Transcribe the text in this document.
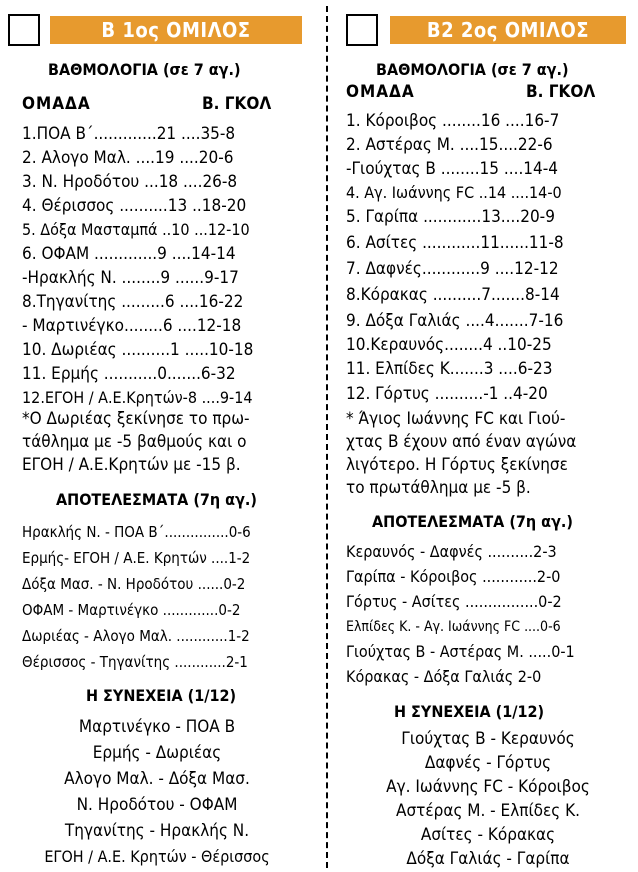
Β 1ος ΟΜΙΛΟΣ
ΒΑΘΜΟΛΟΓΙΑ (σε 7 αγ.)
ΟΜΑΔΑ	Β. ΓΚΟΛ
1.ΠΟΑ Β΄.............21 ....35-8
2. Αλογο Μαλ. ....19 ....20-6
3. Ν. Ηροδότου ...18 ....26-8
4. Θέρισσος ..........13 ..18-20
5. Δόξα Μασταμπά ..10 ...12-10
6. ΟΦΑΜ .............9 ....14-14
-Ηρακλής Ν. ........9 ......9-17
8.Τηγανίτης .........6 ....16-22
- Μαρτινέγκο........6 ....12-18
10. Δωριέας ..........1 .....10-18
11. Ερμής ...........0.......6-32
12.ΕΓΟΗ / Α.Ε.Κρητών-8 ....9-14
*Ο Δωριέας ξεκίνησε το πρω-
τάθλημα με -5 βαθμούς και ο
ΕΓΟΗ / Α.Ε.Κρητών με -15 β.
ΑΠΟΤΕΛΕΣΜΑΤΑ (7η αγ.)
Ηρακλής Ν. - ΠΟΑ Β΄...............0-6
Ερμής- ΕΓΟΗ / Α.Ε. Κρητών ....1-2
Δόξα Μασ. - Ν. Ηροδότου ......0-2
ΟΦΑΜ - Μαρτινέγκο .............0-2
Δωριέας - Αλογο Μαλ. ............1-2
Θέρισσος - Τηγανίτης ............2-1
Η ΣΥΝΕΧΕΙΑ (1/12)
Μαρτινέγκο - ΠΟΑ Β
Ερμής - Δωριέας
Αλογο Μαλ. - Δόξα Μασ.
Ν. Ηροδότου - ΟΦΑΜ
Τηγανίτης - Ηρακλής Ν.
ΕΓΟΗ / Α.Ε. Κρητών - Θέρισσος
Β2 2ος ΟΜΙΛΟΣ
ΒΑΘΜΟΛΟΓΙΑ (σε 7 αγ.)
ΟΜΑΔΑ	Β. ΓΚΟΛ
1. Κόροιβος ........16 ....16-7
2. Αστέρας Μ. ....15....22-6
-Γιούχτας Β ........15 ....14-4
4. Αγ. Ιωάννης FC ..14 ....14-0
5. Γαρίπα ............13....20-9
6. Ασίτες ............11......11-8
7. Δαφνές............9 ....12-12
8.Κόρακας ..........7.......8-14
9. Δόξα Γαλιάς ....4.......7-16
10.Κεραυνός........4 ..10-25
11. Ελπίδες Κ.......3 ....6-23
12. Γόρτυς ..........-1 ..4-20
* Άγιος Ιωάννης FC και Γιού-
χτας Β έχουν από έναν αγώνα
λιγότερο. Η Γόρτυς ξεκίνησε
το πρωτάθλημα με -5 β.
ΑΠΟΤΕΛΕΣΜΑΤΑ (7η αγ.)
Κεραυνός - Δαφνές ..........2-3
Γαρίπα - Κόροιβος ............2-0
Γόρτυς - Ασίτες ................0-2
Ελπίδες Κ. - Αγ. Ιωάννης FC ....0-6
Γιούχτας Β - Αστέρας Μ. .....0-1
Κόρακας - Δόξα Γαλιάς 2-0
Η ΣΥΝΕΧΕΙΑ (1/12)
Γιούχτας Β - Κεραυνός
Δαφνές - Γόρτυς
Αγ. Ιωάννης FC - Κόροιβος
Αστέρας Μ. - Ελπίδες Κ.
Ασίτες - Κόρακας
Δόξα Γαλιάς - Γαρίπα
